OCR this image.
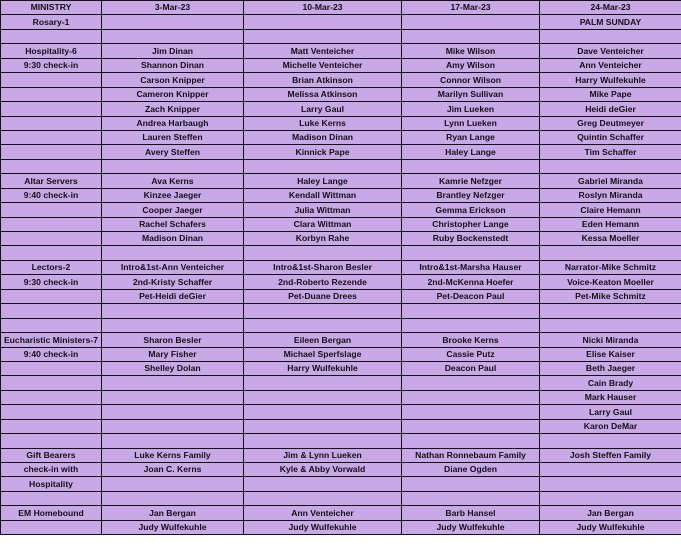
MINISTRY	3-Mar-23	10-Mar-23	17-Mar-23	24-Mar-23
Rosary-1				PALM SUNDAY

Hospitality-6	Jim Dinan	Matt Venteicher	Mike Wilson	Dave Venteicher
9:30 check-in	Shannon Dinan	Michelle Venteicher	Amy Wilson	Ann Venteicher
	Carson Knipper	Brian Atkinson	Connor Wilson	Harry Wulfekuhle
	Cameron Knipper	Melissa Atkinson	Marilyn Sullivan	Mike Pape
	Zach Knipper	Larry Gaul	Jim Lueken	Heidi deGier
	Andrea Harbaugh	Luke Kerns	Lynn Lueken	Greg Deutmeyer
	Lauren Steffen	Madison Dinan	Ryan Lange	Quintin Schaffer
	Avery Steffen	Kinnick Pape	Haley Lange	Tim Schaffer

Altar Servers	Ava Kerns	Haley Lange	Kamrie Nefzger	Gabriel Miranda
9:40 check-in	Kinzee Jaeger	Kendall Wittman	Brantley Nefzger	Roslyn Miranda
	Cooper Jaeger	Julia Wittman	Gemma Erickson	Claire Hemann
	Rachel Schafers	Clara Wittman	Christopher Lange	Eden Hemann
	Madison Dinan	Korbyn Rahe	Ruby Bockenstedt	Kessa Moeller

Lectors-2	Intro&1st-Ann Venteicher	Intro&1st-Sharon Besler	Intro&1st-Marsha Hauser	Narrator-Mike Schmitz
9:30 check-in	2nd-Kristy Schaffer	2nd-Roberto Rezende	2nd-McKenna Hoefer	Voice-Keaton Moeller
	Pet-Heidi deGier	Pet-Duane Drees	Pet-Deacon Paul	Pet-Mike Schmitz

Eucharistic Ministers-7	Sharon Besler	Eileen Bergan	Brooke Kerns	Nicki Miranda
9:40 check-in	Mary Fisher	Michael Sperfslage	Cassie Putz	Elise Kaiser
	Shelley Dolan	Harry Wulfekuhle	Deacon Paul	Beth Jaeger
				Cain Brady
				Mark Hauser
				Larry Gaul
				Karon DeMar

Gift Bearers	Luke Kerns Family	Jim & Lynn Lueken	Nathan Ronnebaum Family	Josh Steffen Family
check-in with	Joan C. Kerns	Kyle & Abby Vorwald	Diane Ogden	
Hospitality				

EM Homebound	Jan Bergan	Ann Venteicher	Barb Hansel	Jan Bergan
	Judy Wulfekuhle	Judy Wulfekuhle	Judy Wulfekuhle	Judy Wulfekuhle
